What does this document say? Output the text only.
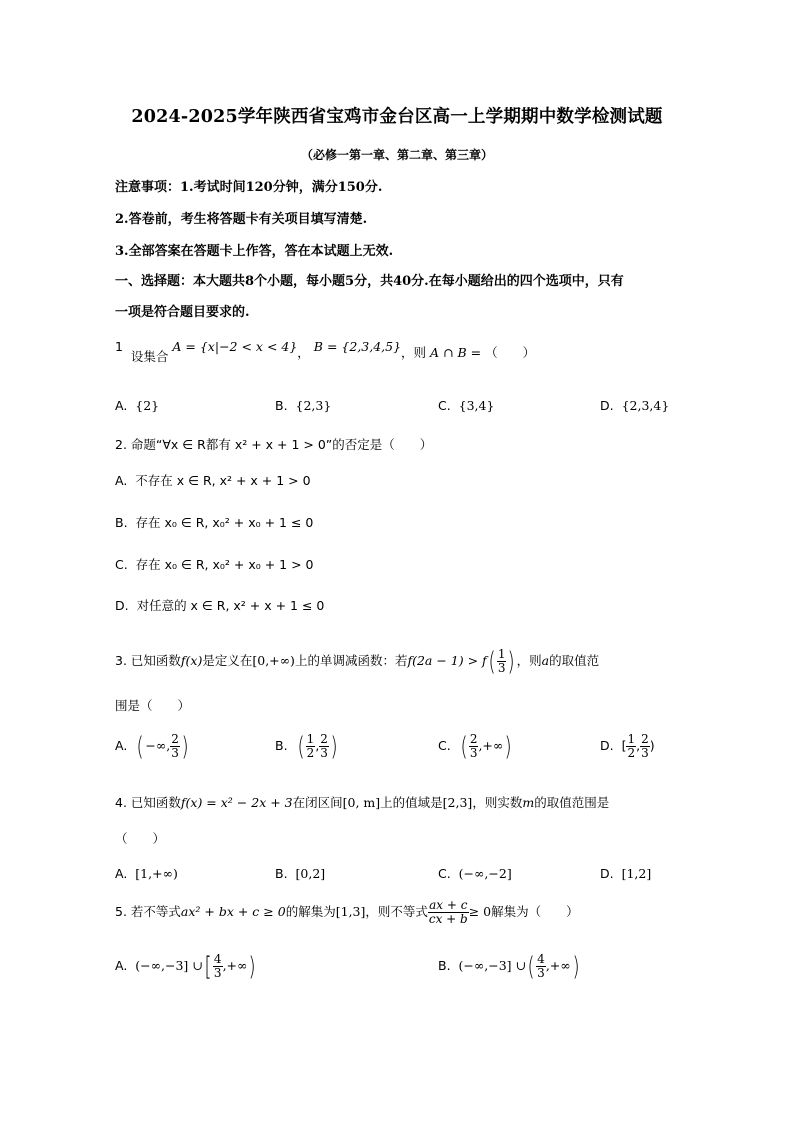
2024-2025学年陕西省宝鸡市金台区高一上学期期中数学检测试题
（必修一第一章、第二章、第三章）
注意事项：1.考试时间120分钟，满分150分.
2.答卷前，考生将答题卡有关项目填写清楚.
3.全部答案在答题卡上作答，答在本试题上无效.
一、选择题：本大题共8个小题，每小题5分，共40分.在每小题给出的四个选项中，只有
一项是符合题目要求的.
1  设集合 A = {x|−2 < x < 4}， B = {2,3,4,5}，则 A ∩ B = （　　）
A. {2}	B. {2,3}	C. {3,4}	D. {2,3,4}
2. 命题“∀x ∈ R都有 x² + x + 1 > 0”的否定是（　　）
A. 不存在 x ∈ R, x² + x + 1 > 0
B. 存在 x₀ ∈ R, x₀² + x₀ + 1 ≤ 0
C. 存在 x₀ ∈ R, x₀² + x₀ + 1 > 0
D. 对任意的 x ∈ R, x² + x + 1 ≤ 0
3. 已知函数f(x)是定义在[0,+∞)上的单调减函数：若$f(2a - 1) > f( \frac{1}{3}$ ) ，则a的取值范
围是（　　）
A. ( −∞, $\frac{2}{3}$ )	B. ( $\frac{1}{2}$ , $\frac{2}{3}$ )	C. ( $\frac{2}{3}$ ,+∞)	D. [ $\frac{1}{2}$ , $\frac{2}{3}$ )
4. 已知函数f(x) = x² − 2x + 3在闭区间[0, m]上的值域是[2,3]，则实数m的取值范围是
（　　）
A. [1,+∞)	B. [0,2]	C. (−∞,−2]	D. [1,2]
5. 若不等式ax² + bx + c ≥ 0的解集为[1,3]，则不等式 $\frac{ax + c}{cx + b} \ge 0$解集为（　　）
A. (−∞,−3] ∪[ $\frac{4}{3}$ ,+∞)	B. (−∞,−3] ∪( $\frac{4}{3}$ ,+∞)
